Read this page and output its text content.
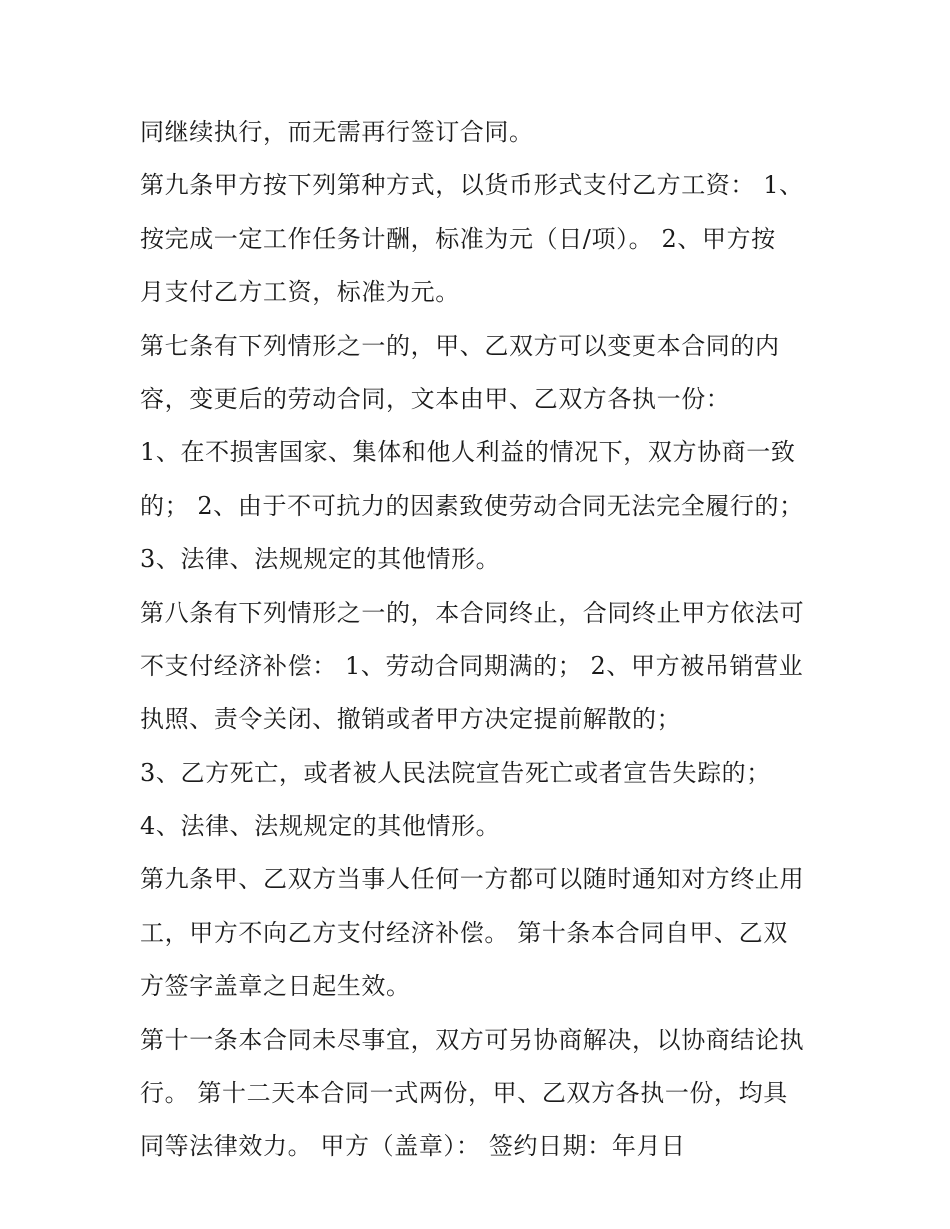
同继续执行，而无需再行签订合同。
第九条甲方按下列第种方式，以货币形式支付乙方工资： 1、
按完成一定工作任务计酬，标准为元（日/项）。 2、甲方按
月支付乙方工资，标准为元。
第七条有下列情形之一的，甲、乙双方可以变更本合同的内
容，变更后的劳动合同，文本由甲、乙双方各执一份：
1、在不损害国家、集体和他人利益的情况下，双方协商一致
的； 2、由于不可抗力的因素致使劳动合同无法完全履行的；
3、法律、法规规定的其他情形。
第八条有下列情形之一的，本合同终止，合同终止甲方依法可
不支付经济补偿： 1、劳动合同期满的； 2、甲方被吊销营业
执照、责令关闭、撤销或者甲方决定提前解散的；
3、乙方死亡，或者被人民法院宣告死亡或者宣告失踪的；
4、法律、法规规定的其他情形。
第九条甲、乙双方当事人任何一方都可以随时通知对方终止用
工，甲方不向乙方支付经济补偿。 第十条本合同自甲、乙双
方签字盖章之日起生效。
第十一条本合同未尽事宜，双方可另协商解决，以协商结论执
行。 第十二天本合同一式两份，甲、乙双方各执一份，均具
同等法律效力。 甲方（盖章）： 签约日期：年月日
